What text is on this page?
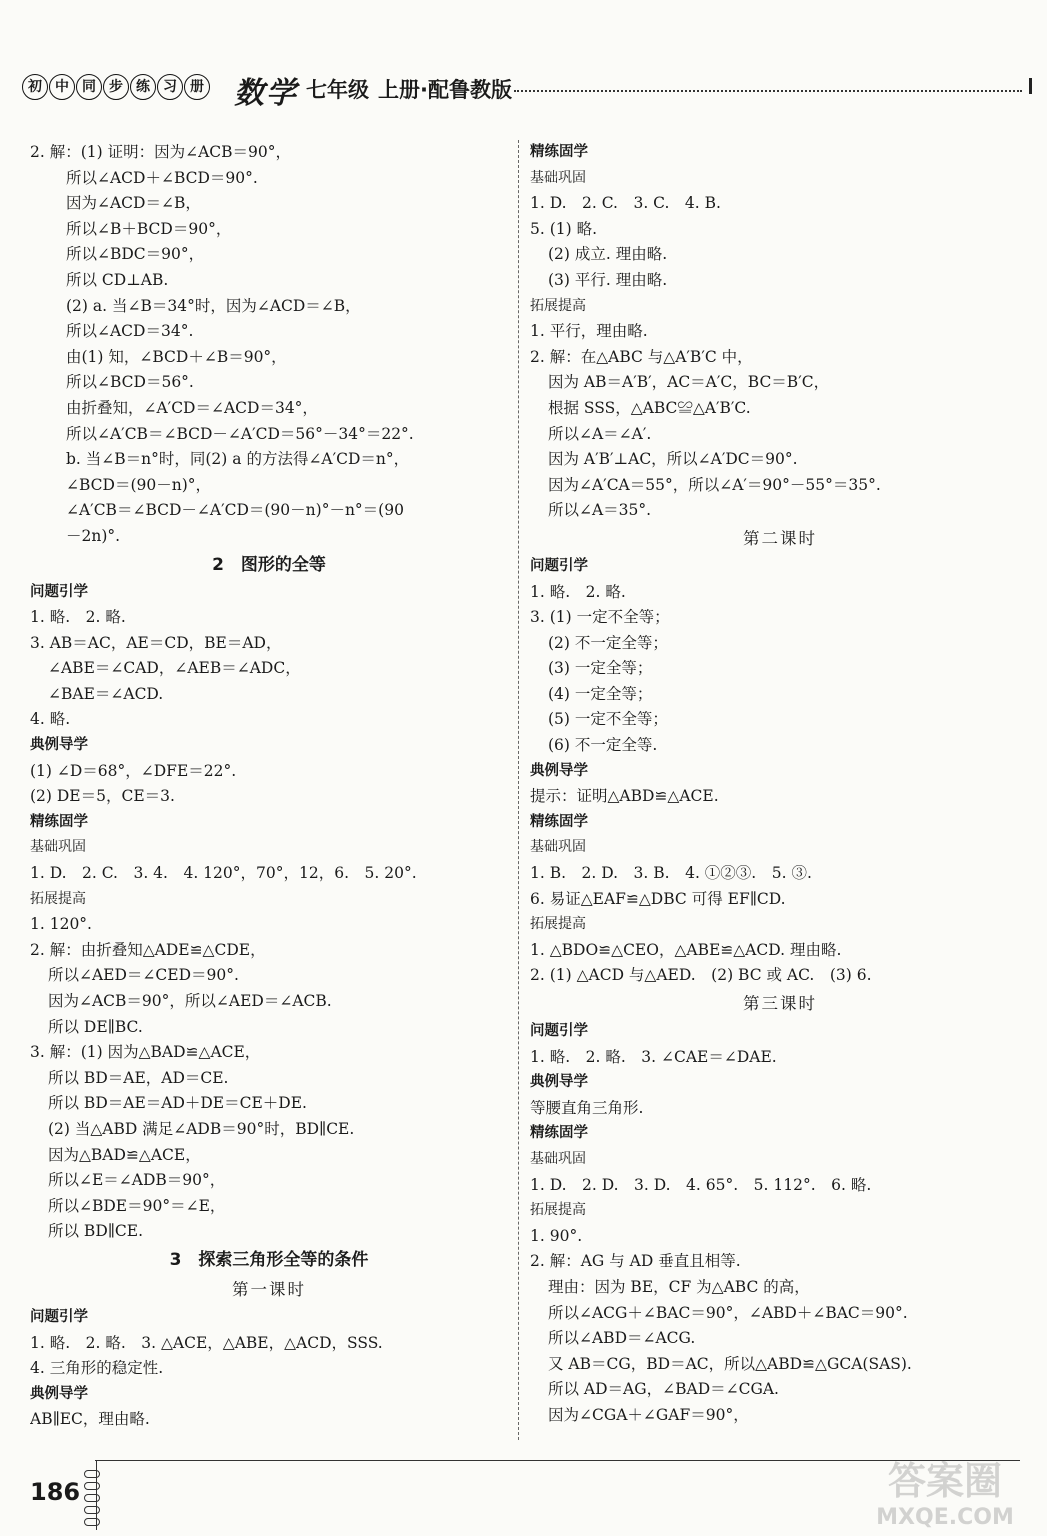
初 中 同 步 练 习 册 数学 七年级 上册·配鲁教版
2. 解：(1) 证明：因为∠ACB＝90°，
所以∠ACD＋∠BCD＝90°.
因为∠ACD＝∠B，
所以∠B＋BCD＝90°，
所以∠BDC＝90°，
所以 CD⊥AB.
(2) a. 当∠B＝34°时，因为∠ACD＝∠B，
所以∠ACD＝34°.
由(1) 知，∠BCD＋∠B＝90°，
所以∠BCD＝56°.
由折叠知，∠A′CD＝∠ACD＝34°，
所以∠A′CB＝∠BCD－∠A′CD＝56°－34°＝22°.
b. 当∠B＝n°时，同(2) a 的方法得∠A′CD＝n°，
∠BCD＝(90－n)°，
∠A′CB＝∠BCD－∠A′CD＝(90－n)°－n°＝(90
－2n)°.
2　图形的全等
问题引学
1. 略.　2. 略.
3. AB＝AC，AE＝CD，BE＝AD，
∠ABE＝∠CAD，∠AEB＝∠ADC，
∠BAE＝∠ACD.
4. 略.
典例导学
(1) ∠D＝68°，∠DFE＝22°.
(2) DE＝5，CE＝3.
精练固学
基础巩固
1. D.　2. C.　3. 4.　4. 120°，70°，12，6.　5. 20°.
拓展提高
1. 120°.
2. 解：由折叠知△ADE≌△CDE，
所以∠AED＝∠CED＝90°.
因为∠ACB＝90°，所以∠AED＝∠ACB.
所以 DE∥BC.
3. 解：(1) 因为△BAD≌△ACE，
所以 BD＝AE，AD＝CE.
所以 BD＝AE＝AD＋DE＝CE＋DE.
(2) 当△ABD 满足∠ADB＝90°时，BD∥CE.
因为△BAD≌△ACE，
所以∠E＝∠ADB＝90°，
所以∠BDE＝90°＝∠E，
所以 BD∥CE.
3　探索三角形全等的条件
第一课时
问题引学
1. 略.　2. 略.　3. △ACE，△ABE，△ACD，SSS.
4. 三角形的稳定性.
典例导学
AB∥EC，理由略.
精练固学
基础巩固
1. D.　2. C.　3. C.　4. B.
5. (1) 略.
(2) 成立. 理由略.
(3) 平行. 理由略.
拓展提高
1. 平行，理由略.
2. 解：在△ABC 与△A′B′C 中，
因为 AB＝A′B′，AC＝A′C，BC＝B′C，
根据 SSS，△ABC≌△A′B′C.
所以∠A＝∠A′.
因为 A′B′⊥AC，所以∠A′DC＝90°.
因为∠A′CA＝55°，所以∠A′＝90°－55°＝35°.
所以∠A＝35°.
第二课时
问题引学
1. 略.　2. 略.
3. (1) 一定不全等；
(2) 不一定全等；
(3) 一定全等；
(4) 一定全等；
(5) 一定不全等；
(6) 不一定全等.
典例导学
提示：证明△ABD≌△ACE.
精练固学
基础巩固
1. B.　2. D.　3. B.　4. ①②③.　5. ③.
6. 易证△EAF≌△DBC 可得 EF∥CD.
拓展提高
1. △BDO≌△CEO，△ABE≌△ACD. 理由略.
2. (1) △ACD 与△AED.　(2) BC 或 AC.　(3) 6.
第三课时
问题引学
1. 略.　2. 略.　3. ∠CAE＝∠DAE.
典例导学
等腰直角三角形.
精练固学
基础巩固
1. D.　2. D.　3. D.　4. 65°.　5. 112°.　6. 略.
拓展提高
1. 90°.
2. 解：AG 与 AD 垂直且相等.
理由：因为 BE，CF 为△ABC 的高，
所以∠ACG＋∠BAC＝90°，∠ABD＋∠BAC＝90°.
所以∠ABD＝∠ACG.
又 AB＝CG，BD＝AC，所以△ABD≌△GCA(SAS).
所以 AD＝AG，∠BAD＝∠CGA.
因为∠CGA＋∠GAF＝90°，
186	答案圈
MXQE.COM
